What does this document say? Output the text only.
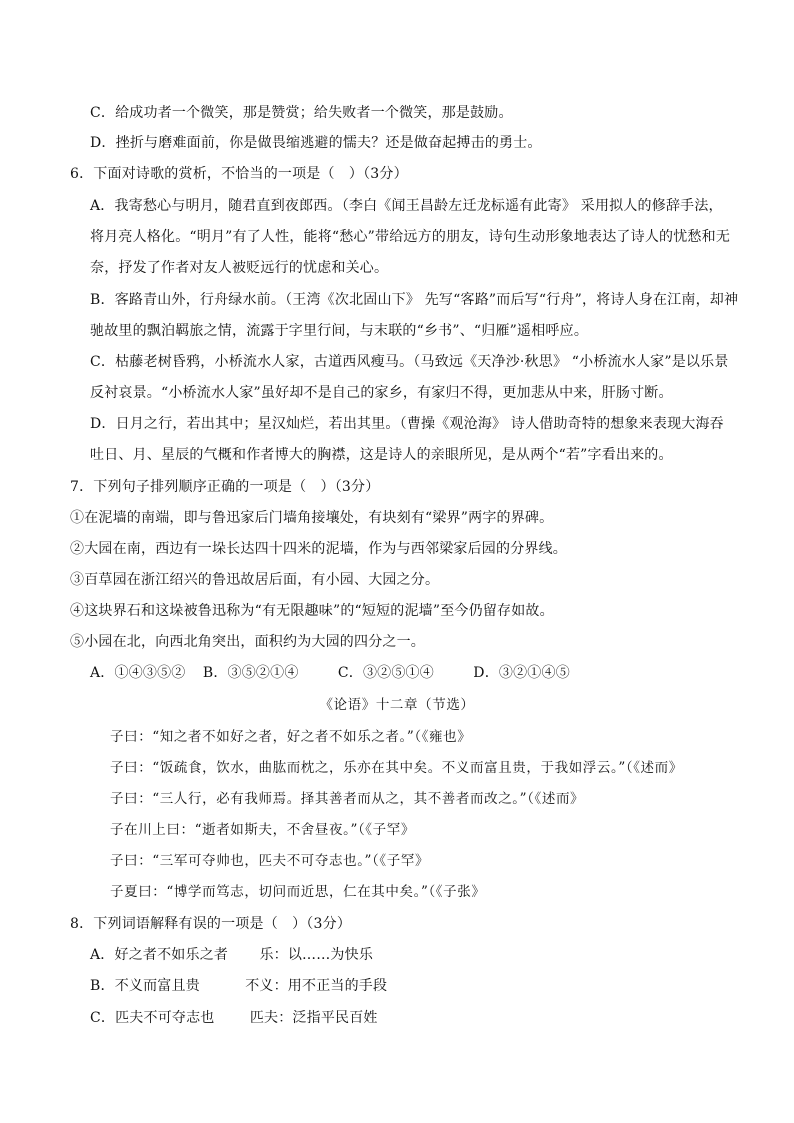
C．给成功者一个微笑，那是赞赏；给失败者一个微笑，那是鼓励。
D．挫折与磨难面前，你是做畏缩逃避的懦夫？还是做奋起搏击的勇士。
6．下面对诗歌的赏析，不恰当的一项是（　）（3分）
A．我寄愁心与明月，随君直到夜郎西。（李白《闻王昌龄左迁龙标遥有此寄》 采用拟人的修辞手法，
将月亮人格化。“明月”有了人性，能将“愁心”带给远方的朋友，诗句生动形象地表达了诗人的忧愁和无
奈，抒发了作者对友人被贬远行的忧虑和关心。
B．客路青山外，行舟绿水前。（王湾《次北固山下》 先写“客路”而后写“行舟”，将诗人身在江南，却神
驰故里的飘泊羁旅之情，流露于字里行间，与末联的“乡书”、“归雁”遥相呼应。
C．枯藤老树昏鸦，小桥流水人家，古道西风瘦马。（马致远《天净沙·秋思》 “小桥流水人家”是以乐景
反衬哀景。“小桥流水人家”虽好却不是自己的家乡，有家归不得，更加悲从中来，肝肠寸断。
D．日月之行，若出其中；星汉灿烂，若出其里。（曹操《观沧海》 诗人借助奇特的想象来表现大海吞
吐日、月、星辰的气概和作者博大的胸襟，这是诗人的亲眼所见，是从两个“若”字看出来的。
7．下列句子排列顺序正确的一项是（　）（3分）
①在泥墙的南端，即与鲁迅家后门墙角接壤处，有块刻有“梁界”两字的界碑。
②大园在南，西边有一垛长达四十四米的泥墙，作为与西邻梁家后园的分界线。
③百草园在浙江绍兴的鲁迅故居后面，有小园、大园之分。
④这块界石和这垛被鲁迅称为“有无限趣味”的“短短的泥墙”至今仍留存如故。
⑤小园在北，向西北角突出，面积约为大园的四分之一。
A．①④③⑤② B．③⑤②①④	C．③②⑤①④	D．③②①④⑤
《论语》十二章（节选）
子曰：“知之者不如好之者，好之者不如乐之者。”（《雍也》
子曰：“饭疏食，饮水，曲肱而枕之，乐亦在其中矣。不义而富且贵，于我如浮云。”（《述而》
子曰：“三人行，必有我师焉。择其善者而从之，其不善者而改之。”（《述而》
子在川上曰：“逝者如斯夫，不舍昼夜。”（《子罕》
子曰：“三军可夺帅也，匹夫不可夺志也。”（《子罕》
子夏曰：“博学而笃志，切问而近思，仁在其中矣。”（《子张》
8．下列词语解释有误的一项是（　）（3分）
A．好之者不如乐之者 乐：以……为快乐
B．不义而富且贵	不义：用不正当的手段
C．匹夫不可夺志也	匹夫：泛指平民百姓
